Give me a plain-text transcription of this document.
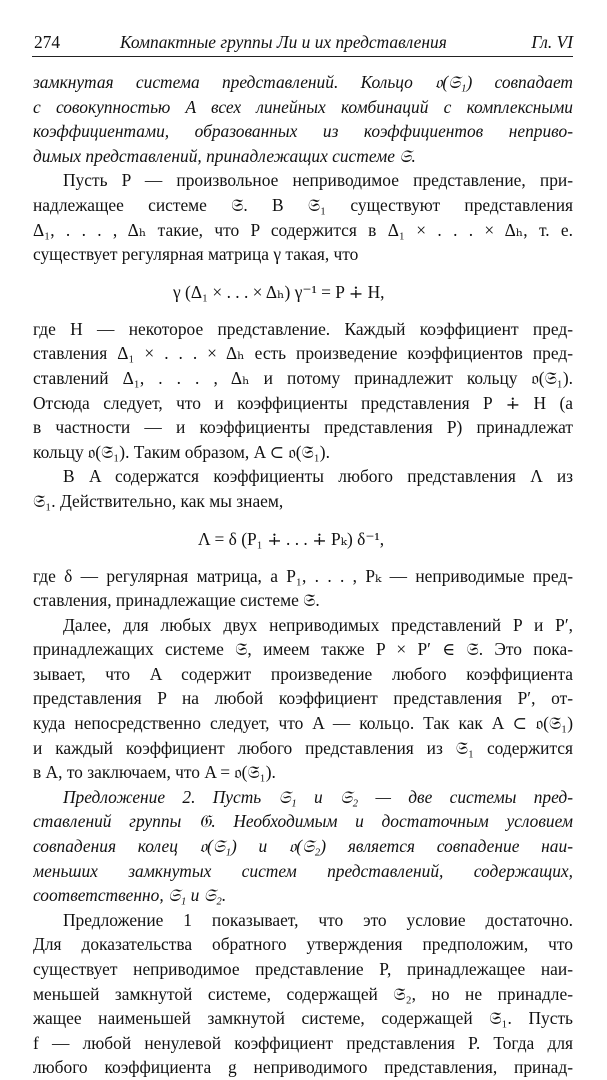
274	Компактные группы Ли и их представления	Гл. VI
замкнутая система представлений. Кольцо 𝔬(𝔖₁) совпадает
с совокупностью A всех линейных комбинаций с комплексными
коэффициентами, образованных из коэффициентов неприво-
димых представлений, принадлежащих системе 𝔖.
Пусть P — произвольное неприводимое представление, при-
надлежащее системе 𝔖. В 𝔖₁ существуют представления
Δ₁, . . . , Δₕ такие, что P содержится в Δ₁ × . . . × Δₕ, т. е.
существует регулярная матрица γ такая, что
γ (Δ₁ × . . . × Δₕ) γ⁻¹ = P ∔ H,
где H — некоторое представление. Каждый коэффициент пред-
ставления Δ₁ × . . . × Δₕ есть произведение коэффициентов пред-
ставлений Δ₁, . . . , Δₕ и потому принадлежит кольцу 𝔬(𝔖₁).
Отсюда следует, что и коэффициенты представления P ∔ H (а
в частности — и коэффициенты представления P) принадлежат
кольцу 𝔬(𝔖₁). Таким образом, A ⊂ 𝔬(𝔖₁).
В A содержатся коэффициенты любого представления Λ из
𝔖₁. Действительно, как мы знаем,
Λ = δ (P₁ ∔ . . . ∔ Pₖ) δ⁻¹,
где δ — регулярная матрица, а P₁, . . . , Pₖ — неприводимые пред-
ставления, принадлежащие системе 𝔖.
Далее, для любых двух неприводимых представлений P и P′,
принадлежащих системе 𝔖, имеем также P × P′ ∈ 𝔖. Это пока-
зывает, что A содержит произведение любого коэффициента
представления P на любой коэффициент представления P′, от-
куда непосредственно следует, что A — кольцо. Так как A ⊂ 𝔬(𝔖₁)
и каждый коэффициент любого представления из 𝔖₁ содержится
в A, то заключаем, что A = 𝔬(𝔖₁).
Предложение 2. Пусть 𝔖₁ и 𝔖₂ — две системы пред-
ставлений группы 𝔊. Необходимым и достаточным условием
совпадения колец 𝔬(𝔖₁) и 𝔬(𝔖₂) является совпадение наи-
меньших замкнутых систем представлений, содержащих,
соответственно, 𝔖₁ и 𝔖₂.
Предложение 1 показывает, что это условие достаточно.
Для доказательства обратного утверждения предположим, что
существует неприводимое представление P, принадлежащее наи-
меньшей замкнутой системе, содержащей 𝔖₂, но не принадле-
жащее наименьшей замкнутой системе, содержащей 𝔖₁. Пусть
f — любой ненулевой коэффициент представления P. Тогда для
любого коэффициента g неприводимого представления, принад-
